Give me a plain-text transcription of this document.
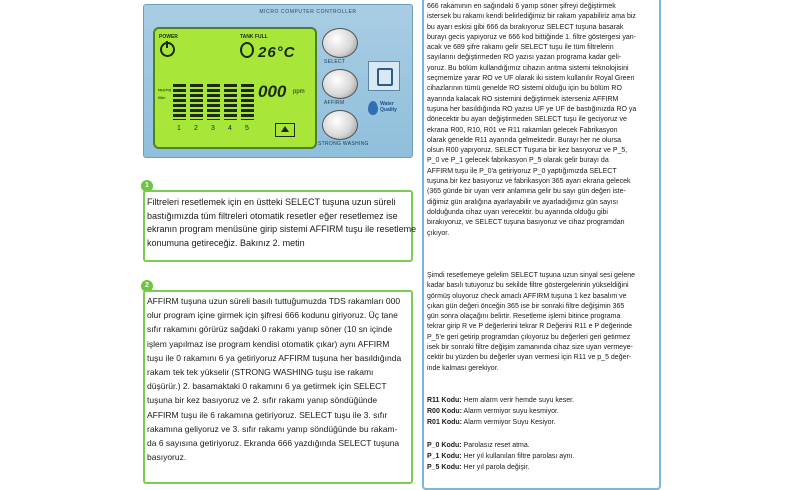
MICRO COMPUTER CONTROLLER
POWER	TANK FULL
26°C
tapping
filter	000 ppm
1 2 3 4 5
SELECT
AFFIRM
STRONG WASHING
Water
Quality
1
Filtreleri resetlemek için en üstteki SELECT tuşuna uzun süreli
bastığımızda tüm filtreleri otomatik resetler eğer resetlemez ise
ekranın program menüsüne girip sistemi AFFIRM tuşu ile resetleme
konumuna getireceğiz. Bakınız 2. metin
2
AFFIRM tuşuna uzun süreli basılı tuttuğumuzda TDS rakamları 000
olur program içine girmek için şifresi 666 kodunu giriyoruz. Üç tane
sıfır rakamını görürüz sağdaki 0 rakamı yanıp söner (10 sn içinde
işlem yapılmaz ise program kendisi otomatik çıkar) aynı AFFIRM
tuşu ile 0 rakamını 6 ya getiriyoruz AFFIRM tuşuna her basıldığında
rakam tek tek yükselir (STRONG WASHING tuşu ise rakamı
düşürür.) 2. basamaktaki 0 rakamını 6 ya getirmek için SELECT
tuşuna bir kez basıyoruz ve 2. sıfır rakamı yanıp söndüğünde
AFFIRM tuşu ile 6 rakamına getiriyoruz. SELECT tuşu ile 3. sıfır
rakamına geliyoruz ve 3. sıfır rakamı yanıp söndüğünde bu rakam-
da 6 sayısına getiriyoruz. Ekranda 666 yazdığında SELECT tuşuna
basıyoruz.
666 rakamının en sağındaki 6 yanıp söner şifreyi değiştirmek
istersek bu rakamı kendi belirlediğimiz bir rakam yapabiliriz ama biz
bu ayarı eskisi gibi 666 da bırakıyoruz SELECT tuşuna basarak
burayı gecis yapıyoruz ve 666 kod bittiğinde 1. filtre göstergesi yan-
acak ve 689 şifre rakamı gelir SELECT tuşu ile tüm filtrelerin
sayılarını değiştirmeden RO yazısı yazan programa kadar geli-
yoruz. Bu bölüm kullandığımız cihazın arıtma sistemi teknolojisini
seçmemize yarar RO ve UF olarak iki sistem kullanılır Royal Green
cihazlarının tümü genelde RO sistemi olduğu için bu bölüm RO
ayarında kalacak RO sistemini değiştirmek isterseniz AFFIRM
tuşuna her basıldığında RO yazısı UF ye UF de bastığınızda RO ya
dönecektir bu ayarı değiştirmeden SELECT tuşu ile geciyoruz ve
ekrana R00, R10, R01 ve R11 rakamları gelecek Fabrikasyon
olarak genelde R11 ayarında gelmektedir. Burayı her ne olursa
olsun R00 yapıyoruz. SELECT Tuşuna bir kez basıyoruz ve P_5,
P_0 ve P_1 gelecek fabrikasyon P_5 olarak gelir burayı da
AFFIRM tuşu ile P_0'a getiriyoruz P_0 yaptığımızda SELECT
tuşuna bir kez basıyoruz ve fabrikasyon 365 ayarı ekrana gelecek
(365 günde bir uyarı verir anlamına gelir bu sayı gün değeri iste-
diğimiz gün aralığına ayarlayabilir ve ayarladığımız gün sayısı
dolduğunda cihaz uyarı verecektir. bu ayarında olduğu gibi
bırakıyoruz, ve SELECT tuşuna basıyoruz ve cihaz programdan
çıkıyor.
Şimdi resetlemeye gelelim SELECT tuşuna uzun sinyal sesi gelene
kadar basılı tutuyoruz bu sekilde filtre göstergelerinin yükseldiğini
görmüş oluyoruz check amaclı AFFIRM tuşuna 1 kez basalım ve
çıkan gün değeri önceğin 365 ise bir sonraki filtre değişimin 365
gün sonra olaçağını belirtir. Resetleme işlemi bitince programa
tekrar girip R ve P değerlerini tekrar R Değerini R11 e P değerinde
P_5'e geri getirip programdan çıkıyoruz bu değerleri geri getirmez
isek bir sonraki filtre değişim zamanında cihaz size uyarı vermeye-
cektir bu yüzden bu değerler uyarı vermesi için R11 ve p_5 değer-
inde kalması gerekiyor.
R11 Kodu: Hem alarm verir hemde suyu keser.
R00 Kodu: Alarm vermiyor suyu kesmiyor.
R01 Kodu: Alarm vermiyor Suyu Kesiyor.
P_0 Kodu: Parolasız reset atma.
P_1 Kodu: Her yıl kullanılan filtre parolası aynı.
P_5 Kodu: Her yıl parola değişir.
